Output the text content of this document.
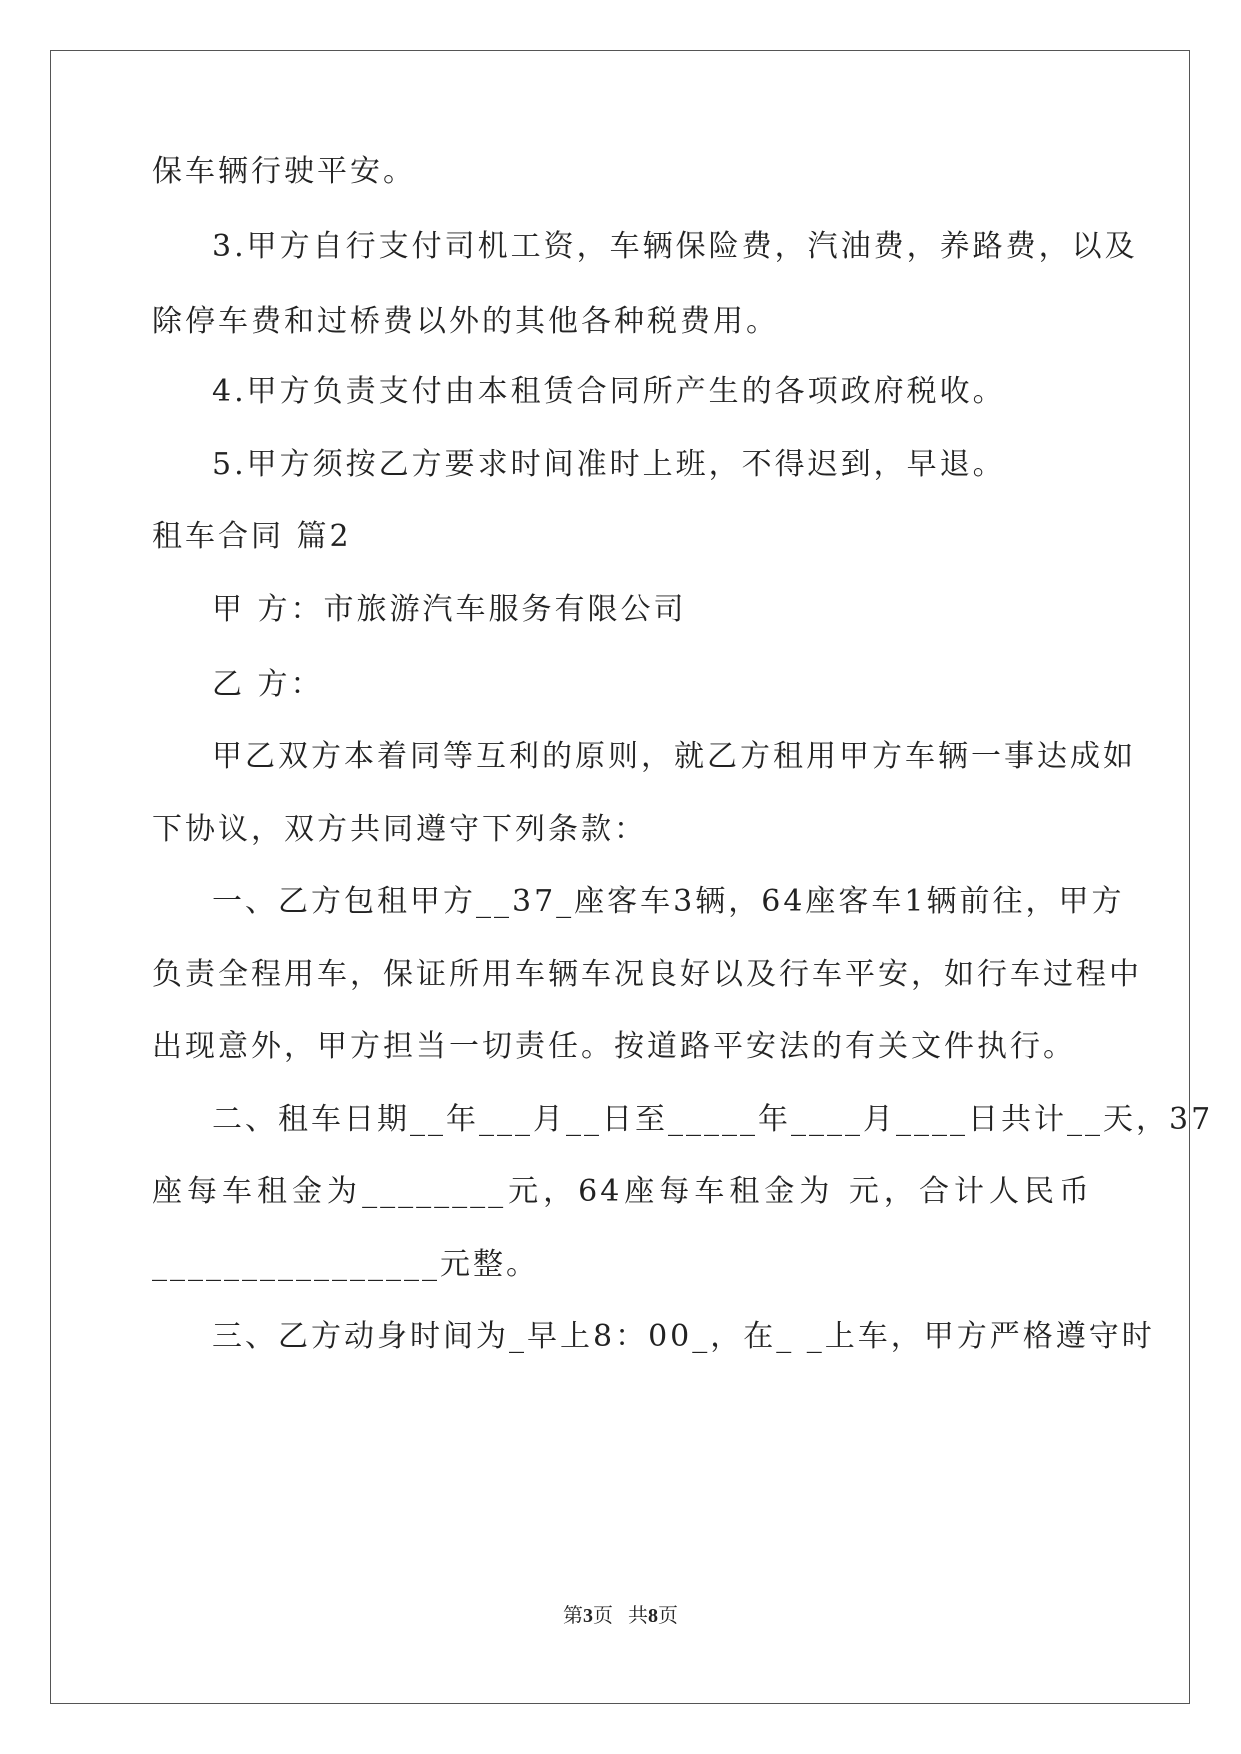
保车辆行驶平安。
3.甲方自行支付司机工资，车辆保险费，汽油费，养路费，以及
除停车费和过桥费以外的其他各种税费用。
4.甲方负责支付由本租赁合同所产生的各项政府税收。
5.甲方须按乙方要求时间准时上班，不得迟到，早退。
租车合同 篇2
甲 方：市旅游汽车服务有限公司
乙 方：
甲乙双方本着同等互利的原则，就乙方租用甲方车辆一事达成如
下协议，双方共同遵守下列条款：
一、乙方包租甲方__37_座客车3辆，64座客车1辆前往，甲方
负责全程用车，保证所用车辆车况良好以及行车平安，如行车过程中
出现意外，甲方担当一切责任。按道路平安法的有关文件执行。
二、租车日期__年___月__日至_____年____月____日共计__天，37
座每车租金为________元，64座每车租金为 元，合计人民币
________________元整。
三、乙方动身时间为_早上8：00_，在_ _上车，甲方严格遵守时
第3页   共8页
